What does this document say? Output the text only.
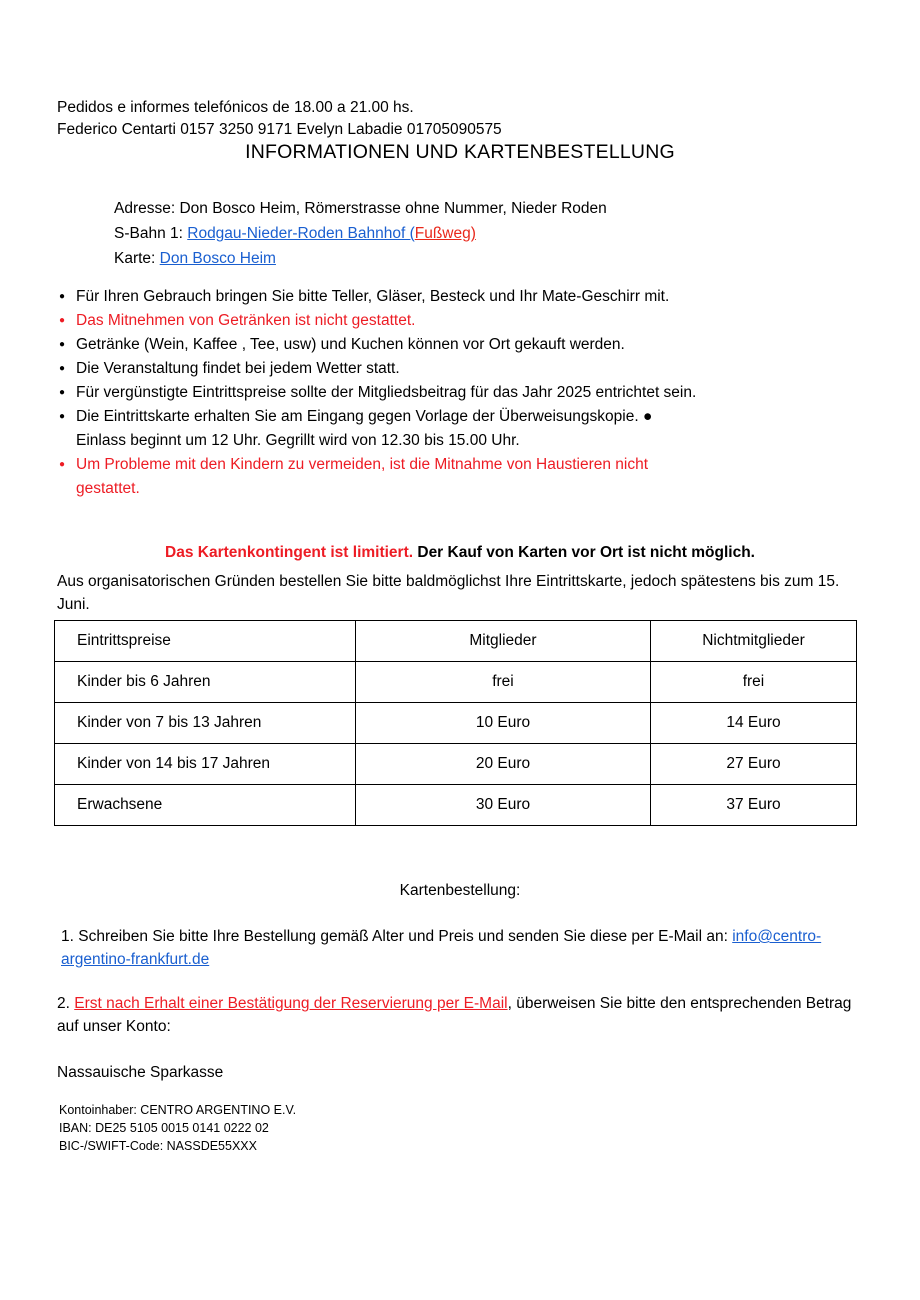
Pedidos e informes telefónicos de 18.00 a 21.00 hs.
Federico Centarti 0157 3250 9171 Evelyn Labadie 01705090575
INFORMATIONEN UND KARTENBESTELLUNG
Adresse: Don Bosco Heim, Römerstrasse ohne Nummer, Nieder Roden
S-Bahn 1: Rodgau-Nieder-Roden Bahnhof (Fußweg)
Karte: Don Bosco Heim
● Für Ihren Gebrauch bringen Sie bitte Teller, Gläser, Besteck und Ihr Mate-Geschirr mit.
● Das Mitnehmen von Getränken ist nicht gestattet.
● Getränke (Wein, Kaffee , Tee, usw) und Kuchen können vor Ort gekauft werden.
● Die Veranstaltung findet bei jedem Wetter statt.
● Für vergünstigte Eintrittspreise sollte der Mitgliedsbeitrag für das Jahr 2025 entrichtet sein.
● Die Eintrittskarte erhalten Sie am Eingang gegen Vorlage der Überweisungskopie. ●
Einlass beginnt um 12 Uhr. Gegrillt wird von 12.30 bis 15.00 Uhr.
● Um Probleme mit den Kindern zu vermeiden, ist die Mitnahme von Haustieren nicht
gestattet.
Das Kartenkontingent ist limitiert. Der Kauf von Karten vor Ort ist nicht möglich.
Aus organisatorischen Gründen bestellen Sie bitte baldmöglichst Ihre Eintrittskarte, jedoch spätestens bis zum 15. Juni.
Eintrittspreise	Mitglieder	Nichtmitglieder
Kinder bis 6 Jahren	frei	frei
Kinder von 7 bis 13 Jahren	10 Euro	14 Euro
Kinder von 14 bis 17 Jahren	20 Euro	27 Euro
Erwachsene	30 Euro	37 Euro
Kartenbestellung:
1. Schreiben Sie bitte Ihre Bestellung gemäß Alter und Preis und senden Sie diese per E-Mail an: info@centro-argentino-frankfurt.de
2. Erst nach Erhalt einer Bestätigung der Reservierung per E-Mail, überweisen Sie bitte den entsprechenden Betrag auf unser Konto:
Nassauische Sparkasse
Kontoinhaber: CENTRO ARGENTINO E.V.
IBAN: DE25 5105 0015 0141 0222 02
BIC-/SWIFT-Code: NASSDE55XXX
